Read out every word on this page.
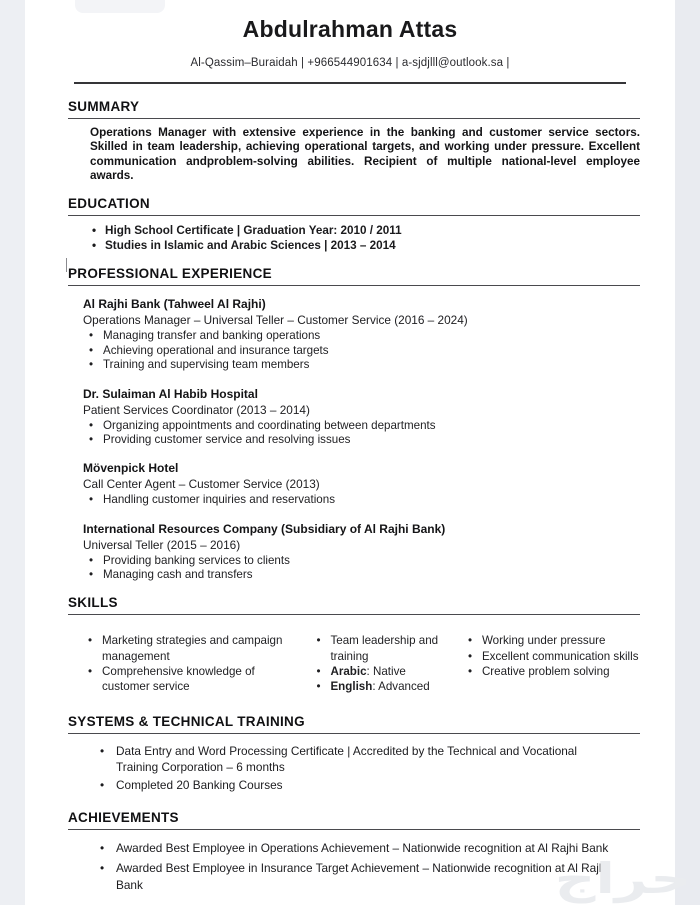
Abdulrahman Attas
Al-Qassim–Buraidah | +966544901634 | a-sjdjlll@outlook.sa |
SUMMARY

Operations Manager with extensive experience in the banking and customer service sectors. Skilled in team leadership, achieving operational targets, and working under pressure. Excellent communication andproblem-solving abilities. Recipient of multiple national-level employee awards.

EDUCATION
• High School Certificate | Graduation Year: 2010 / 2011
• Studies in Islamic and Arabic Sciences | 2013 – 2014
PROFESSIONAL EXPERIENCE
Al Rajhi Bank (Tahweel Al Rajhi)

Operations Manager – Universal Teller – Customer Service (2016 – 2024)

• Managing transfer and banking operations
• Achieving operational and insurance targets
• Training and supervising team members
Dr. Sulaiman Al Habib Hospital

Patient Services Coordinator (2013 – 2014)

• Organizing appointments and coordinating between departments
• Providing customer service and resolving issues
Mövenpick Hotel

Call Center Agent – Customer Service (2013)

• Handling customer inquiries and reservations
International Resources Company (Subsidiary of Al Rajhi Bank)

Universal Teller (2015 – 2016)

• Providing banking services to clients
• Managing cash and transfers
SKILLS
• Marketing strategies and campaign management
• Comprehensive knowledge of customer service
• Team leadership and training
• Arabic: Native
• English: Advanced
• Working under pressure
• Excellent communication skills
• Creative problem solving
SYSTEMS & TECHNICAL TRAINING
• Data Entry and Word Processing Certificate | Accredited by the Technical and Vocational Training Corporation – 6 months
• Completed 20 Banking Courses
ACHIEVEMENTS
• Awarded Best Employee in Operations Achievement – Nationwide recognition at Al Rajhi Bank
• Awarded Best Employee in Insurance Target Achievement – Nationwide recognition at Al Rajhi Bank	حراج
